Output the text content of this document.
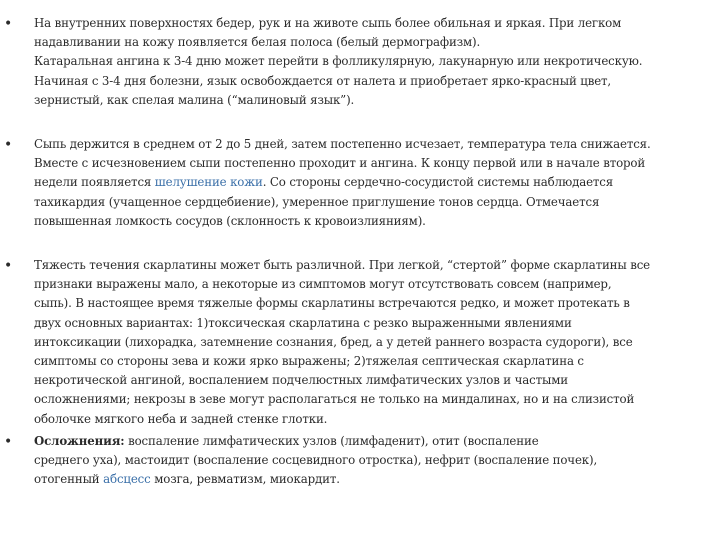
• На внутренних поверхностях бедер, рук и на животе сыпь более обильная и яркая. При легком
надавливании на кожу появляется белая полоса (белый дермографизм).
Катаральная ангина к 3-4 дню может перейти в фолликулярную, лакунарную или некротическую.
Начиная с 3-4 дня болезни, язык освобождается от налета и приобретает ярко-красный цвет,
зернистый, как спелая малина (“малиновый язык”).
• Сыпь держится в среднем от 2 до 5 дней, затем постепенно исчезает, температура тела снижается.
Вместе с исчезновением сыпи постепенно проходит и ангина. К концу первой или в начале второй
недели появляется шелушение кожи. Со стороны сердечно-сосудистой системы наблюдается
тахикардия (учащенное сердцебиение), умеренное приглушение тонов сердца. Отмечается
повышенная ломкость сосудов (склонность к кровоизлияниям).
• Тяжесть течения скарлатины может быть различной. При легкой, “стертой” форме скарлатины все
признаки выражены мало, а некоторые из симптомов могут отсутствовать совсем (например,
сыпь). В настоящее время тяжелые формы скарлатины встречаются редко, и может протекать в
двух основных вариантах: 1)токсическая скарлатина с резко выраженными явлениями
интоксикации (лихорадка, затемнение сознания, бред, а у детей раннего возраста судороги), все
симптомы со стороны зева и кожи ярко выражены; 2)тяжелая септическая скарлатина с
некротической ангиной, воспалением подчелюстных лимфатических узлов и частыми
осложнениями; некрозы в зеве могут располагаться не только на миндалинах, но и на слизистой
оболочке мягкого неба и задней стенке глотки.
• Осложнения: воспаление лимфатических узлов (лимфаденит), отит (воспаление
среднего уха), мастоидит (воспаление сосцевидного отростка), нефрит (воспаление почек),
отогенный абсцесс мозга, ревматизм, миокардит.
